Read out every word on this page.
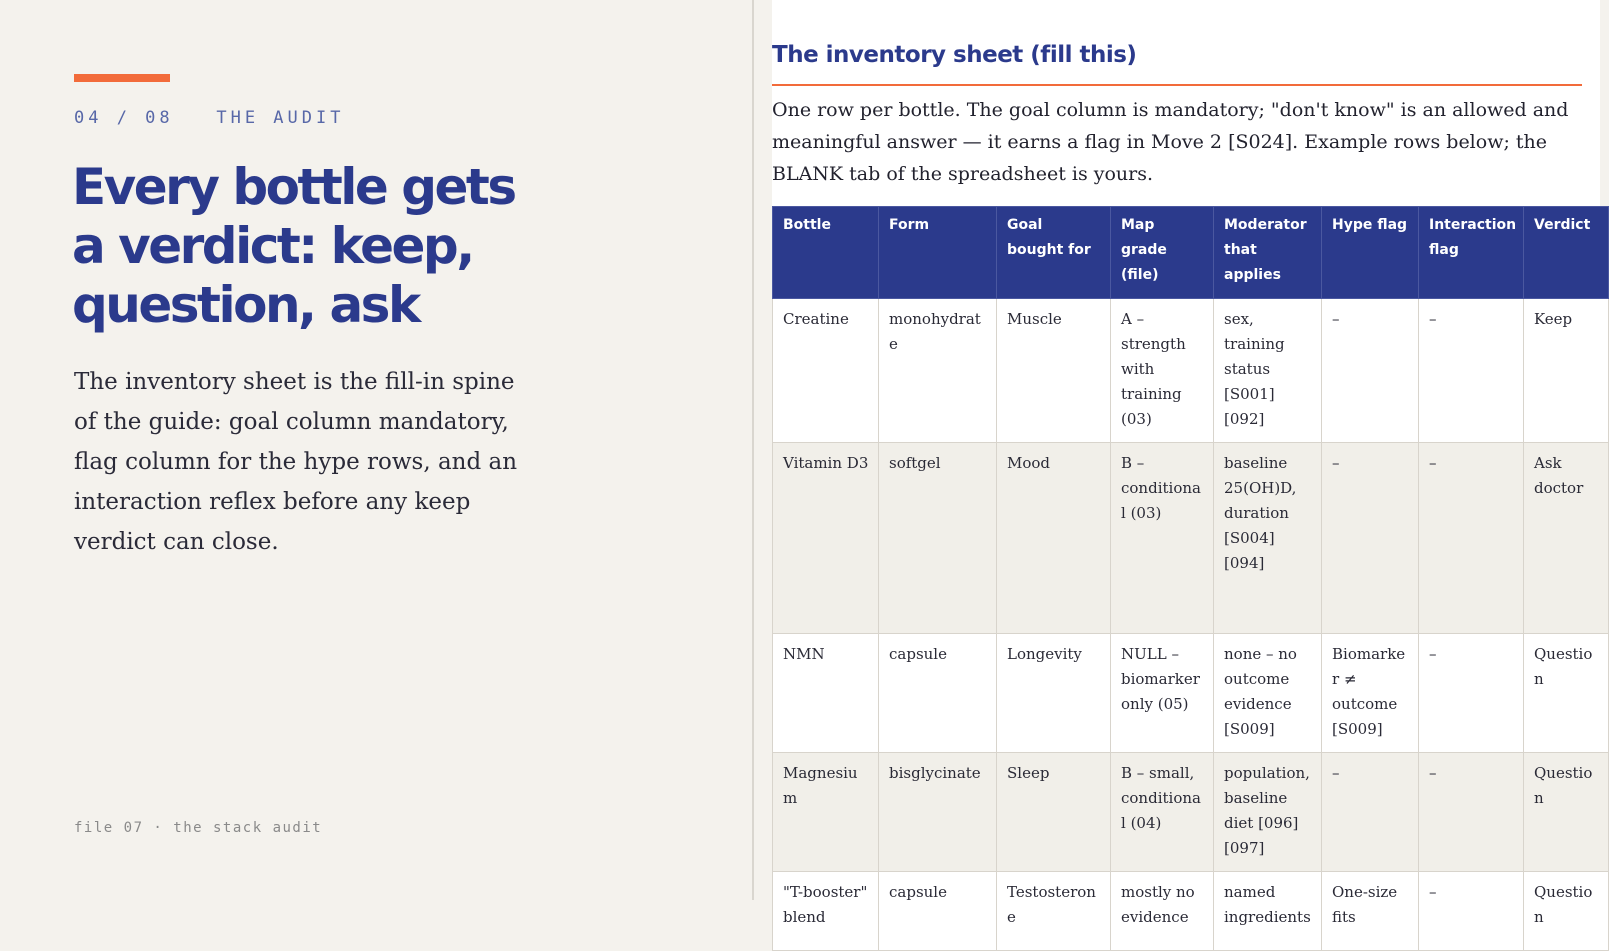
04 / 08   THE AUDIT
Every bottle gets a verdict: keep, question, ask

The inventory sheet is the fill-in spine of the guide: goal column mandatory, flag column for the hype rows, and an interaction reflex before any keep verdict can close.

file 07 · the stack audit
The inventory sheet (fill this)

One row per bottle. The goal column is mandatory; "don't know" is an allowed and meaningful answer — it earns a flag in Move 2 [S024]. Example rows below; the BLANK tab of the spreadsheet is yours.

Bottle	Form	Goal bought for	Map grade (file)	Moderator that applies	Hype flag	Interaction flag	Verdict
Creatine	monohydrate	Muscle	A – strength with training (03)	sex, training status [S001] [092]	–	–	Keep
Vitamin D3	softgel	Mood	B – conditional (03)	baseline 25(OH)D, duration [S004] [094]	–	–	Ask doctor
NMN	capsule	Longevity	NULL – biomarker only (05)	none – no outcome evidence [S009]	Biomarker ≠ outcome [S009]	–	Question
Magnesium	bisglycinate	Sleep	B – small, conditional (04)	population, baseline diet [096] [097]	–	–	Question
"T-booster" blend	capsule	Testosterone	mostly no evidence	named ingredients	One-size fits	–	Question
